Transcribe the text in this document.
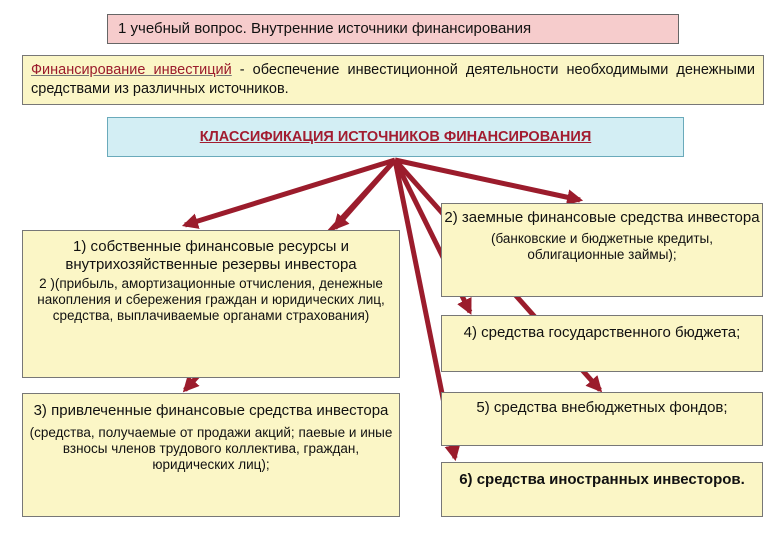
1 учебный вопрос. Внутренние источники финансирования
Финансирование инвестиций - обеспечение инвестиционной деятельности необходимыми денежными средствами из различных источников.
КЛАССИФИКАЦИЯ ИСТОЧНИКОВ ФИНАНСИРОВАНИЯ
1) собственные финансовые ресурсы и внутрихозяйственные резервы инвестора
2 )(прибыль, амортизационные отчисления, денежные накопления и сбережения граждан и юридических лиц, средства, выплачиваемые органами страхования)
2) заемные финансовые средства инвестора
(банковские и бюджетные кредиты, облигационные займы);
3) привлеченные финансовые средства инвестора
(средства, получаемые от продажи акций; паевые и иные взносы членов трудового коллектива, граждан, юридических лиц);
4) средства государственного бюджета;
5) средства внебюджетных фондов;
6) средства иностранных инвесторов.
